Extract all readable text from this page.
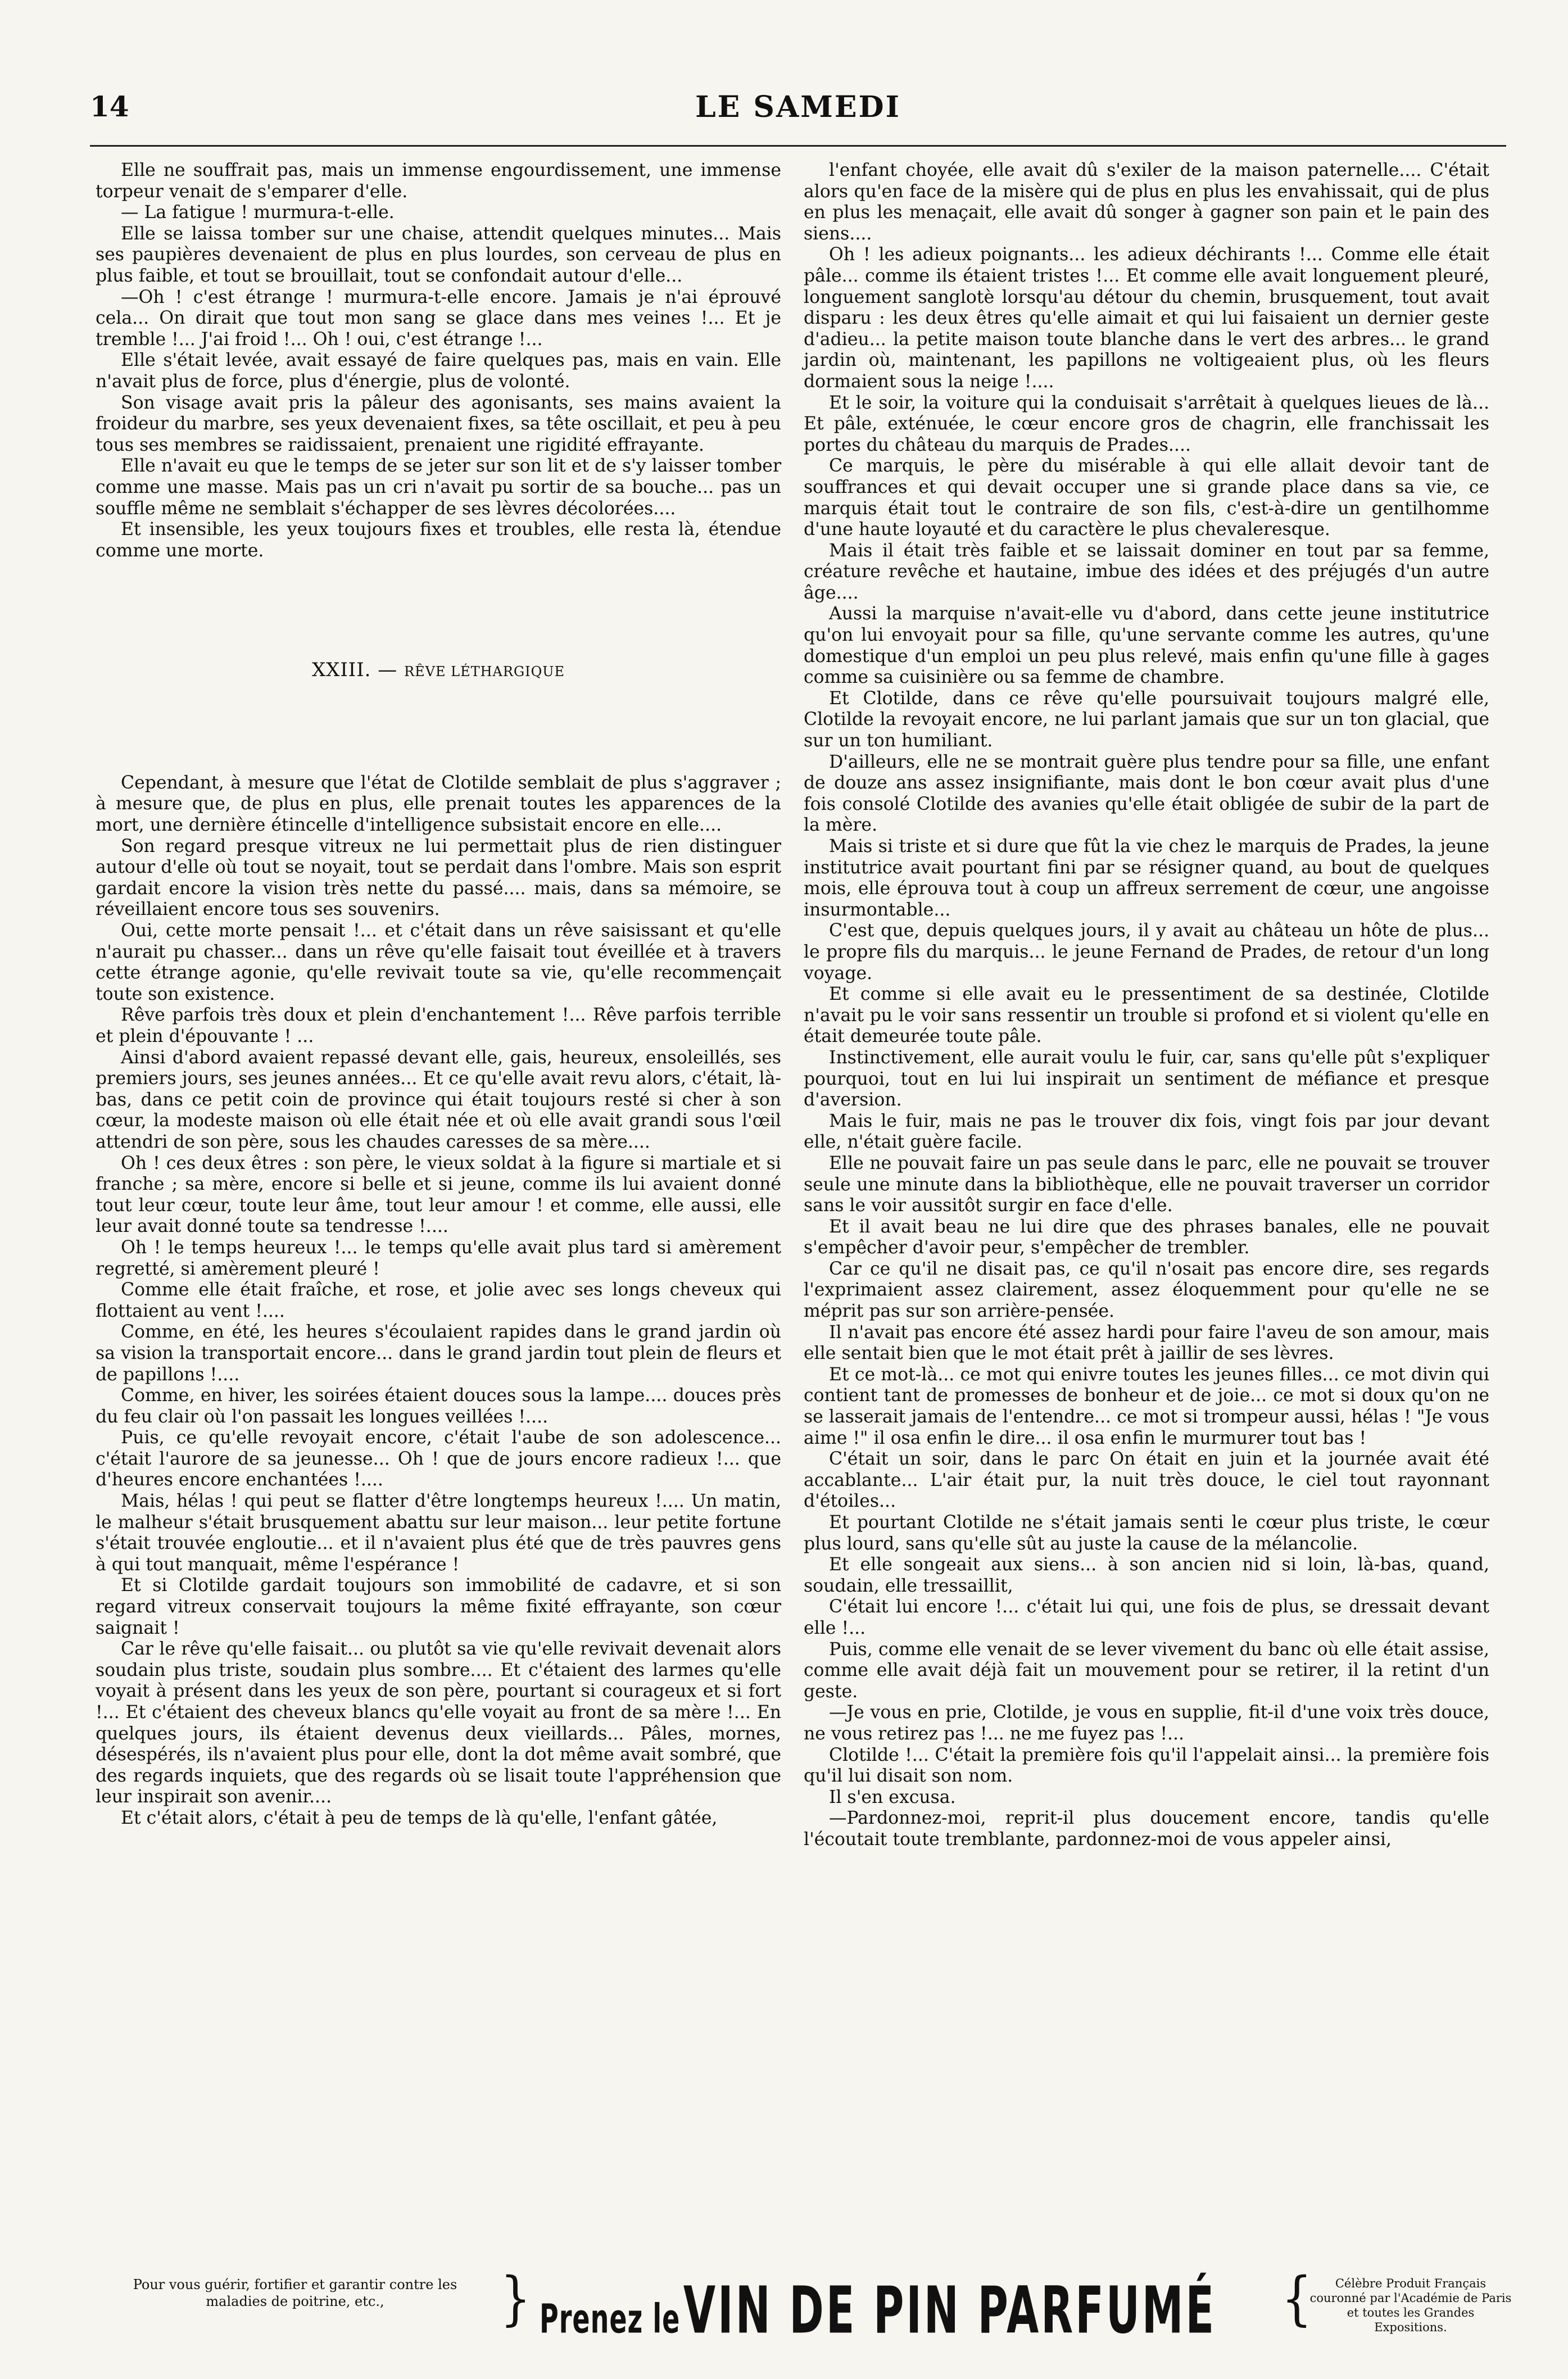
14	LE SAMEDI

Elle ne souffrait pas, mais un immense engourdissement, une immense torpeur venait de s'emparer d'elle.

— La fatigue ! murmura-t-elle.

Elle se laissa tomber sur une chaise, attendit quelques minutes... Mais ses paupières devenaient de plus en plus lourdes, son cerveau de plus en plus faible, et tout se brouillait, tout se confondait autour d'elle...

—Oh ! c'est étrange ! murmura-t-elle encore. Jamais je n'ai éprouvé cela... On dirait que tout mon sang se glace dans mes veines !... Et je tremble !... J'ai froid !... Oh ! oui, c'est étrange !...

Elle s'était levée, avait essayé de faire quelques pas, mais en vain. Elle n'avait plus de force, plus d'énergie, plus de volonté.

Son visage avait pris la pâleur des agonisants, ses mains avaient la froideur du marbre, ses yeux devenaient fixes, sa tête oscillait, et peu à peu tous ses membres se raidissaient, prenaient une rigidité effrayante.

Elle n'avait eu que le temps de se jeter sur son lit et de s'y laisser tomber comme une masse. Mais pas un cri n'avait pu sortir de sa bouche... pas un souffle même ne semblait s'échapper de ses lèvres décolorées....

Et insensible, les yeux toujours fixes et troubles, elle resta là, étendue comme une morte.

XXIII. — RÊVE LÉTHARGIQUE

Cependant, à mesure que l'état de Clotilde semblait de plus s'aggraver ; à mesure que, de plus en plus, elle prenait toutes les apparences de la mort, une dernière étincelle d'intelligence subsistait encore en elle....

Son regard presque vitreux ne lui permettait plus de rien distinguer autour d'elle où tout se noyait, tout se perdait dans l'ombre. Mais son esprit gardait encore la vision très nette du passé.... mais, dans sa mémoire, se réveillaient encore tous ses souvenirs.

Oui, cette morte pensait !... et c'était dans un rêve saisissant et qu'elle n'aurait pu chasser... dans un rêve qu'elle faisait tout éveillée et à travers cette étrange agonie, qu'elle revivait toute sa vie, qu'elle recommençait toute son existence.

Rêve parfois très doux et plein d'enchantement !... Rêve parfois terrible et plein d'épouvante ! ...

Ainsi d'abord avaient repassé devant elle, gais, heureux, ensoleillés, ses premiers jours, ses jeunes années... Et ce qu'elle avait revu alors, c'était, là-bas, dans ce petit coin de province qui était toujours resté si cher à son cœur, la modeste maison où elle était née et où elle avait grandi sous l'œil attendri de son père, sous les chaudes caresses de sa mère....

Oh ! ces deux êtres : son père, le vieux soldat à la figure si martiale et si franche ; sa mère, encore si belle et si jeune, comme ils lui avaient donné tout leur cœur, toute leur âme, tout leur amour ! et comme, elle aussi, elle leur avait donné toute sa tendresse !....

Oh ! le temps heureux !... le temps qu'elle avait plus tard si amèrement regretté, si amèrement pleuré !

Comme elle était fraîche, et rose, et jolie avec ses longs cheveux qui flottaient au vent !....

Comme, en été, les heures s'écoulaient rapides dans le grand jardin où sa vision la transportait encore... dans le grand jardin tout plein de fleurs et de papillons !....

Comme, en hiver, les soirées étaient douces sous la lampe.... douces près du feu clair où l'on passait les longues veillées !....

Puis, ce qu'elle revoyait encore, c'était l'aube de son adolescence... c'était l'aurore de sa jeunesse... Oh ! que de jours encore radieux !... que d'heures encore enchantées !....

Mais, hélas ! qui peut se flatter d'être longtemps heureux !.... Un matin, le malheur s'était brusquement abattu sur leur maison... leur petite fortune s'était trouvée engloutie... et il n'avaient plus été que de très pauvres gens à qui tout manquait, même l'espérance !

Et si Clotilde gardait toujours son immobilité de cadavre, et si son regard vitreux conservait toujours la même fixité effrayante, son cœur saignait !

Car le rêve qu'elle faisait... ou plutôt sa vie qu'elle revivait devenait alors soudain plus triste, soudain plus sombre.... Et c'étaient des larmes qu'elle voyait à présent dans les yeux de son père, pourtant si courageux et si fort !... Et c'étaient des cheveux blancs qu'elle voyait au front de sa mère !... En quelques jours, ils étaient devenus deux vieillards... Pâles, mornes, désespérés, ils n'avaient plus pour elle, dont la dot même avait sombré, que des regards inquiets, que des regards où se lisait toute l'appréhension que leur inspirait son avenir....

Et c'était alors, c'était à peu de temps de là qu'elle, l'enfant gâtée,

l'enfant choyée, elle avait dû s'exiler de la maison paternelle.... C'était alors qu'en face de la misère qui de plus en plus les envahissait, qui de plus en plus les menaçait, elle avait dû songer à gagner son pain et le pain des siens....

Oh ! les adieux poignants... les adieux déchirants !... Comme elle était pâle... comme ils étaient tristes !... Et comme elle avait longuement pleuré, longuement sanglotè lorsqu'au détour du chemin, brusquement, tout avait disparu : les deux êtres qu'elle aimait et qui lui faisaient un dernier geste d'adieu... la petite maison toute blanche dans le vert des arbres... le grand jardin où, maintenant, les papillons ne voltigeaient plus, où les fleurs dormaient sous la neige !....

Et le soir, la voiture qui la conduisait s'arrêtait à quelques lieues de là... Et pâle, exténuée, le cœur encore gros de chagrin, elle franchissait les portes du château du marquis de Prades....

Ce marquis, le père du misérable à qui elle allait devoir tant de souffrances et qui devait occuper une si grande place dans sa vie, ce marquis était tout le contraire de son fils, c'est-à-dire un gentilhomme d'une haute loyauté et du caractère le plus chevaleresque.

Mais il était très faible et se laissait dominer en tout par sa femme, créature revêche et hautaine, imbue des idées et des préjugés d'un autre âge....

Aussi la marquise n'avait-elle vu d'abord, dans cette jeune institutrice qu'on lui envoyait pour sa fille, qu'une servante comme les autres, qu'une domestique d'un emploi un peu plus relevé, mais enfin qu'une fille à gages comme sa cuisinière ou sa femme de chambre.

Et Clotilde, dans ce rêve qu'elle poursuivait toujours malgré elle, Clotilde la revoyait encore, ne lui parlant jamais que sur un ton glacial, que sur un ton humiliant.

D'ailleurs, elle ne se montrait guère plus tendre pour sa fille, une enfant de douze ans assez insignifiante, mais dont le bon cœur avait plus d'une fois consolé Clotilde des avanies qu'elle était obligée de subir de la part de la mère.

Mais si triste et si dure que fût la vie chez le marquis de Prades, la jeune institutrice avait pourtant fini par se résigner quand, au bout de quelques mois, elle éprouva tout à coup un affreux serrement de cœur, une angoisse insurmontable...

C'est que, depuis quelques jours, il y avait au château un hôte de plus... le propre fils du marquis... le jeune Fernand de Prades, de retour d'un long voyage.

Et comme si elle avait eu le pressentiment de sa destinée, Clotilde n'avait pu le voir sans ressentir un trouble si profond et si violent qu'elle en était demeurée toute pâle.

Instinctivement, elle aurait voulu le fuir, car, sans qu'elle pût s'expliquer pourquoi, tout en lui lui inspirait un sentiment de méfiance et presque d'aversion.

Mais le fuir, mais ne pas le trouver dix fois, vingt fois par jour devant elle, n'était guère facile.

Elle ne pouvait faire un pas seule dans le parc, elle ne pouvait se trouver seule une minute dans la bibliothèque, elle ne pouvait traverser un corridor sans le voir aussitôt surgir en face d'elle.

Et il avait beau ne lui dire que des phrases banales, elle ne pouvait s'empêcher d'avoir peur, s'empêcher de trembler.

Car ce qu'il ne disait pas, ce qu'il n'osait pas encore dire, ses regards l'exprimaient assez clairement, assez éloquemment pour qu'elle ne se méprit pas sur son arrière-pensée.

Il n'avait pas encore été assez hardi pour faire l'aveu de son amour, mais elle sentait bien que le mot était prêt à jaillir de ses lèvres.

Et ce mot-là... ce mot qui enivre toutes les jeunes filles... ce mot divin qui contient tant de promesses de bonheur et de joie... ce mot si doux qu'on ne se lasserait jamais de l'entendre... ce mot si trompeur aussi, hélas ! "Je vous aime !" il osa enfin le dire... il osa enfin le murmurer tout bas !

C'était un soir, dans le parc On était en juin et la journée avait été accablante... L'air était pur, la nuit très douce, le ciel tout rayonnant d'étoiles...

Et pourtant Clotilde ne s'était jamais senti le cœur plus triste, le cœur plus lourd, sans qu'elle sût au juste la cause de la mélancolie.

Et elle songeait aux siens... à son ancien nid si loin, là-bas, quand, soudain, elle tressaillit,

C'était lui encore !... c'était lui qui, une fois de plus, se dressait devant elle !...

Puis, comme elle venait de se lever vivement du banc où elle était assise, comme elle avait déjà fait un mouvement pour se retirer, il la retint d'un geste.

—Je vous en prie, Clotilde, je vous en supplie, fit-il d'une voix très douce, ne vous retirez pas !... ne me fuyez pas !...

Clotilde !... C'était la première fois qu'il l'appelait ainsi... la première fois qu'il lui disait son nom.

Il s'en excusa.

—Pardonnez-moi, reprit-il plus doucement encore, tandis qu'elle l'écoutait toute tremblante, pardonnez-moi de vous appeler ainsi,

Pour vous guérir, fortifier et garantir contre les maladies de poitrine, etc.,	} Prenez le VIN DE PIN PARFUMÉ {	Célèbre Produit Français couronné par l'Académie de Paris et toutes les Grandes Expositions.
